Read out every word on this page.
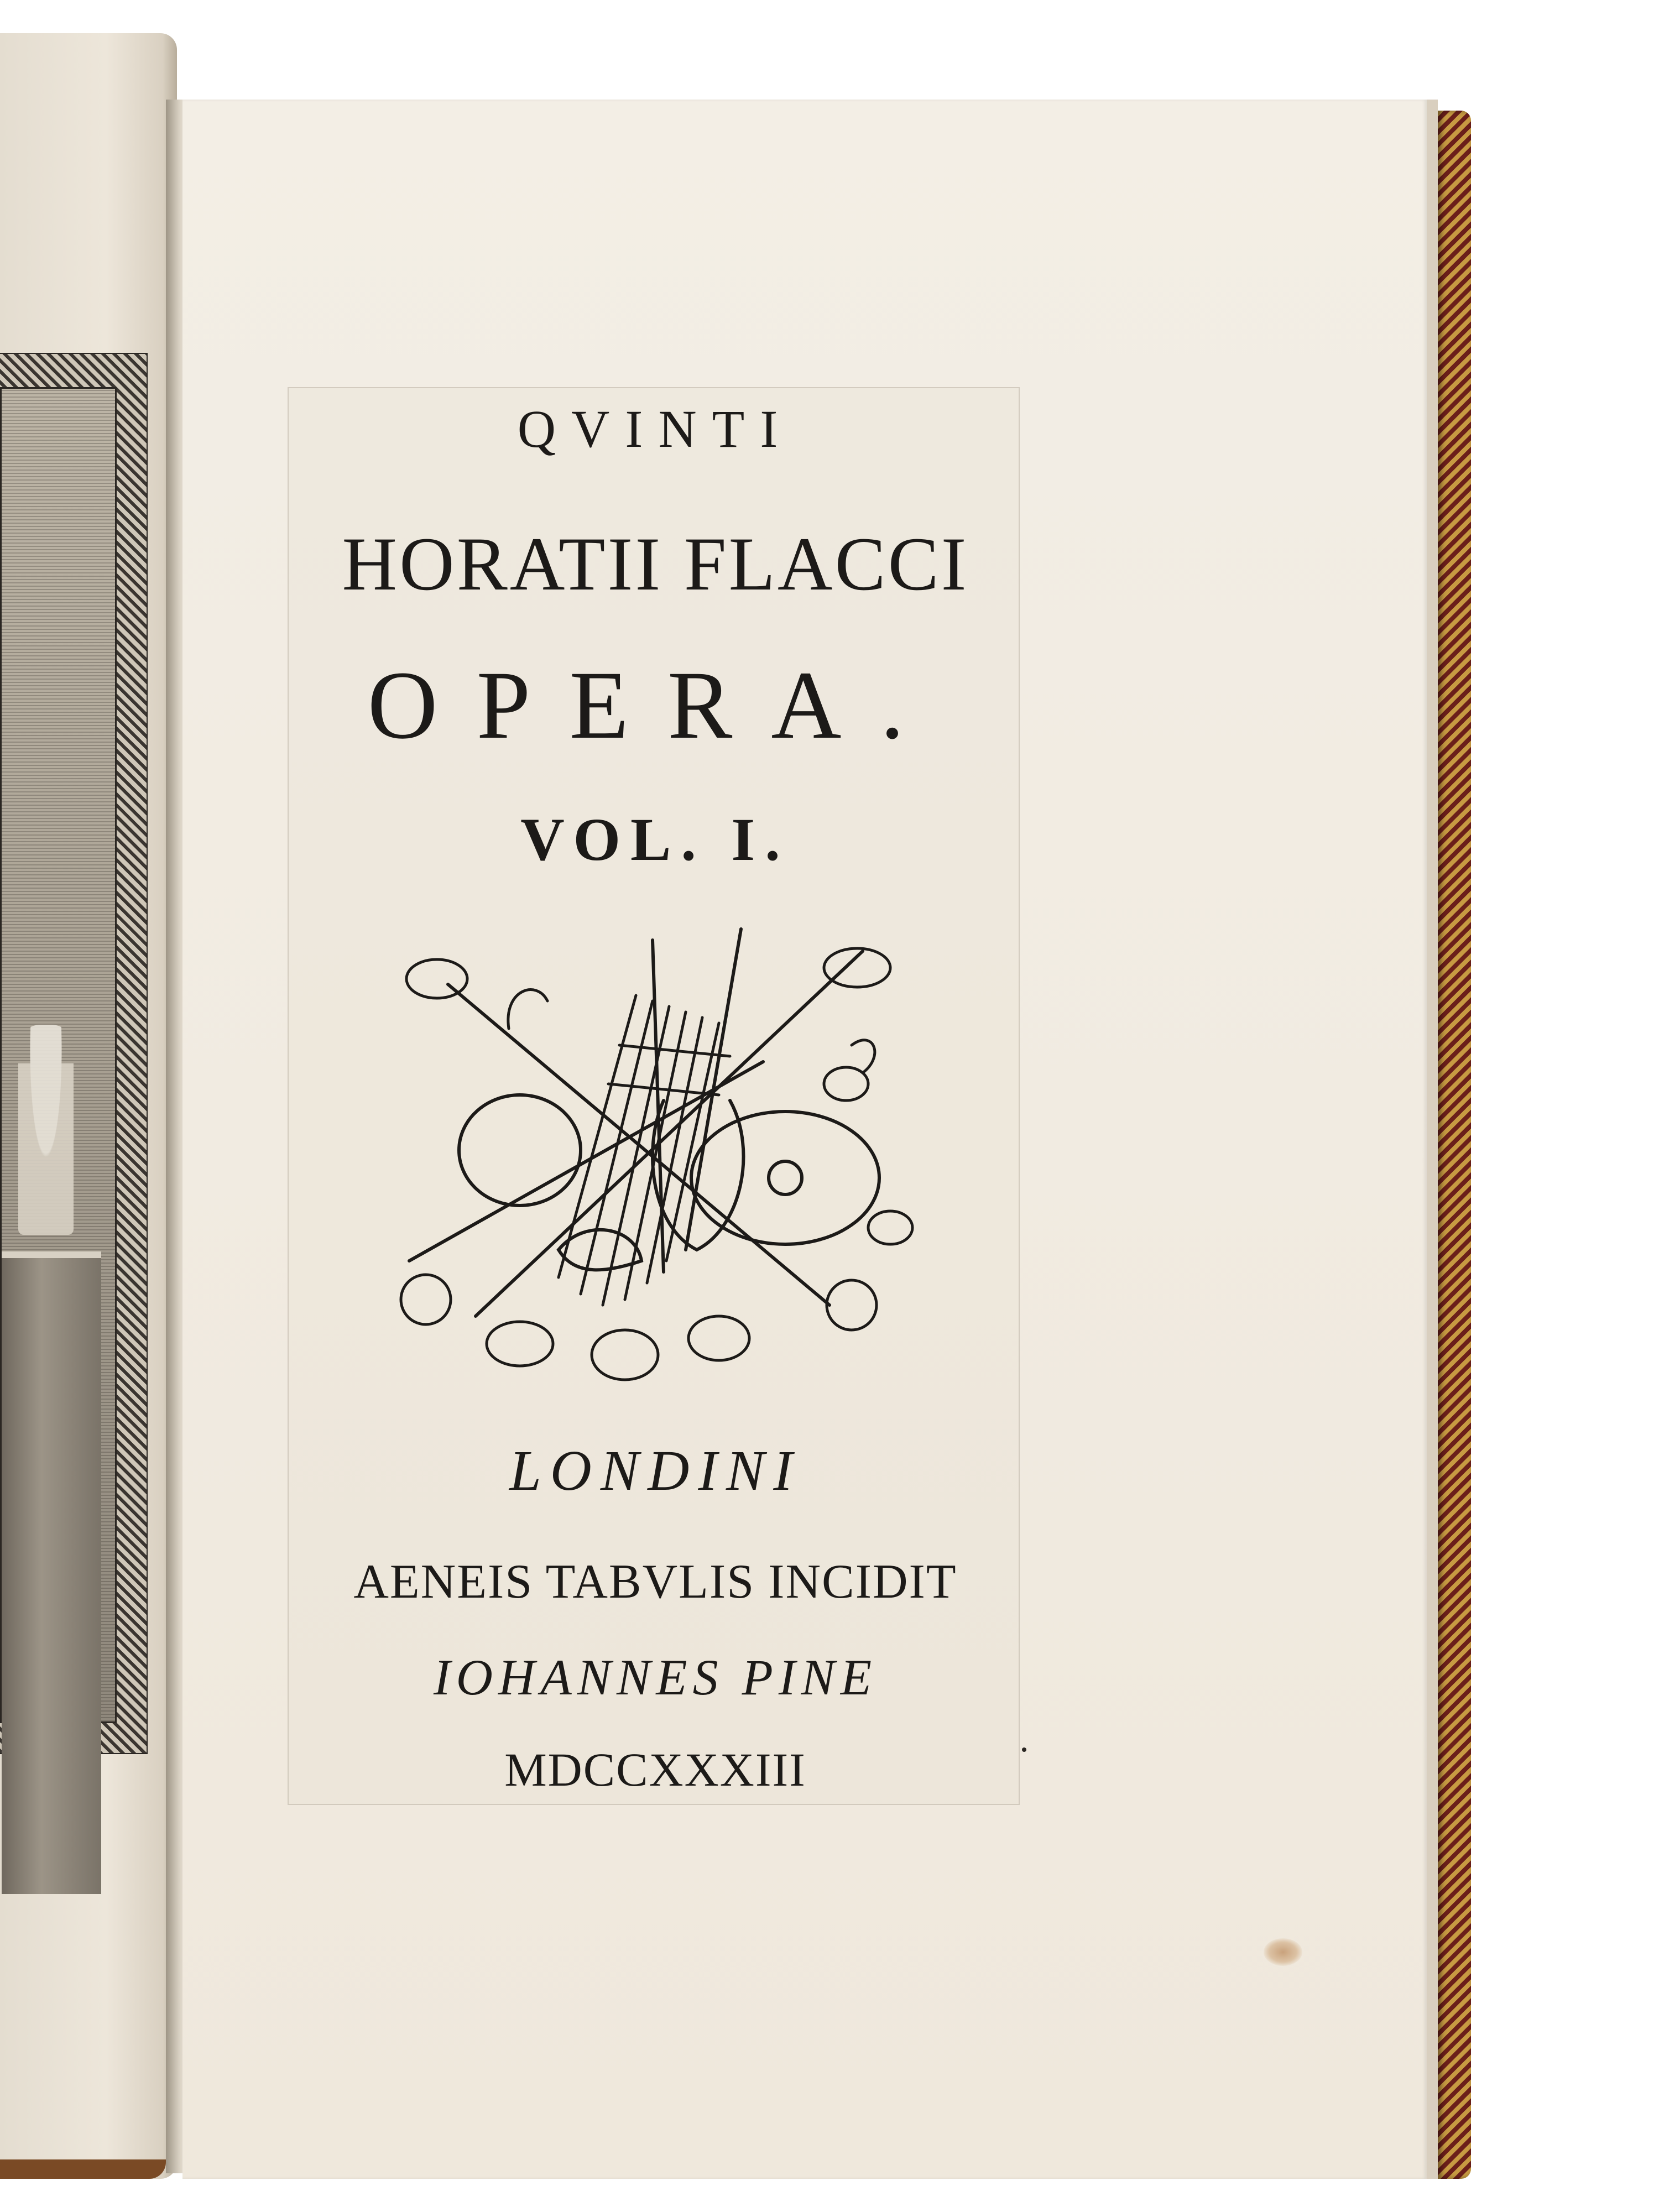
QVINTI
HORATII FLACCI
OPERA.
VOL. I.
LONDINI
AENEIS TABVLIS INCIDIT
IOHANNES PINE
MDCCXXXIII
